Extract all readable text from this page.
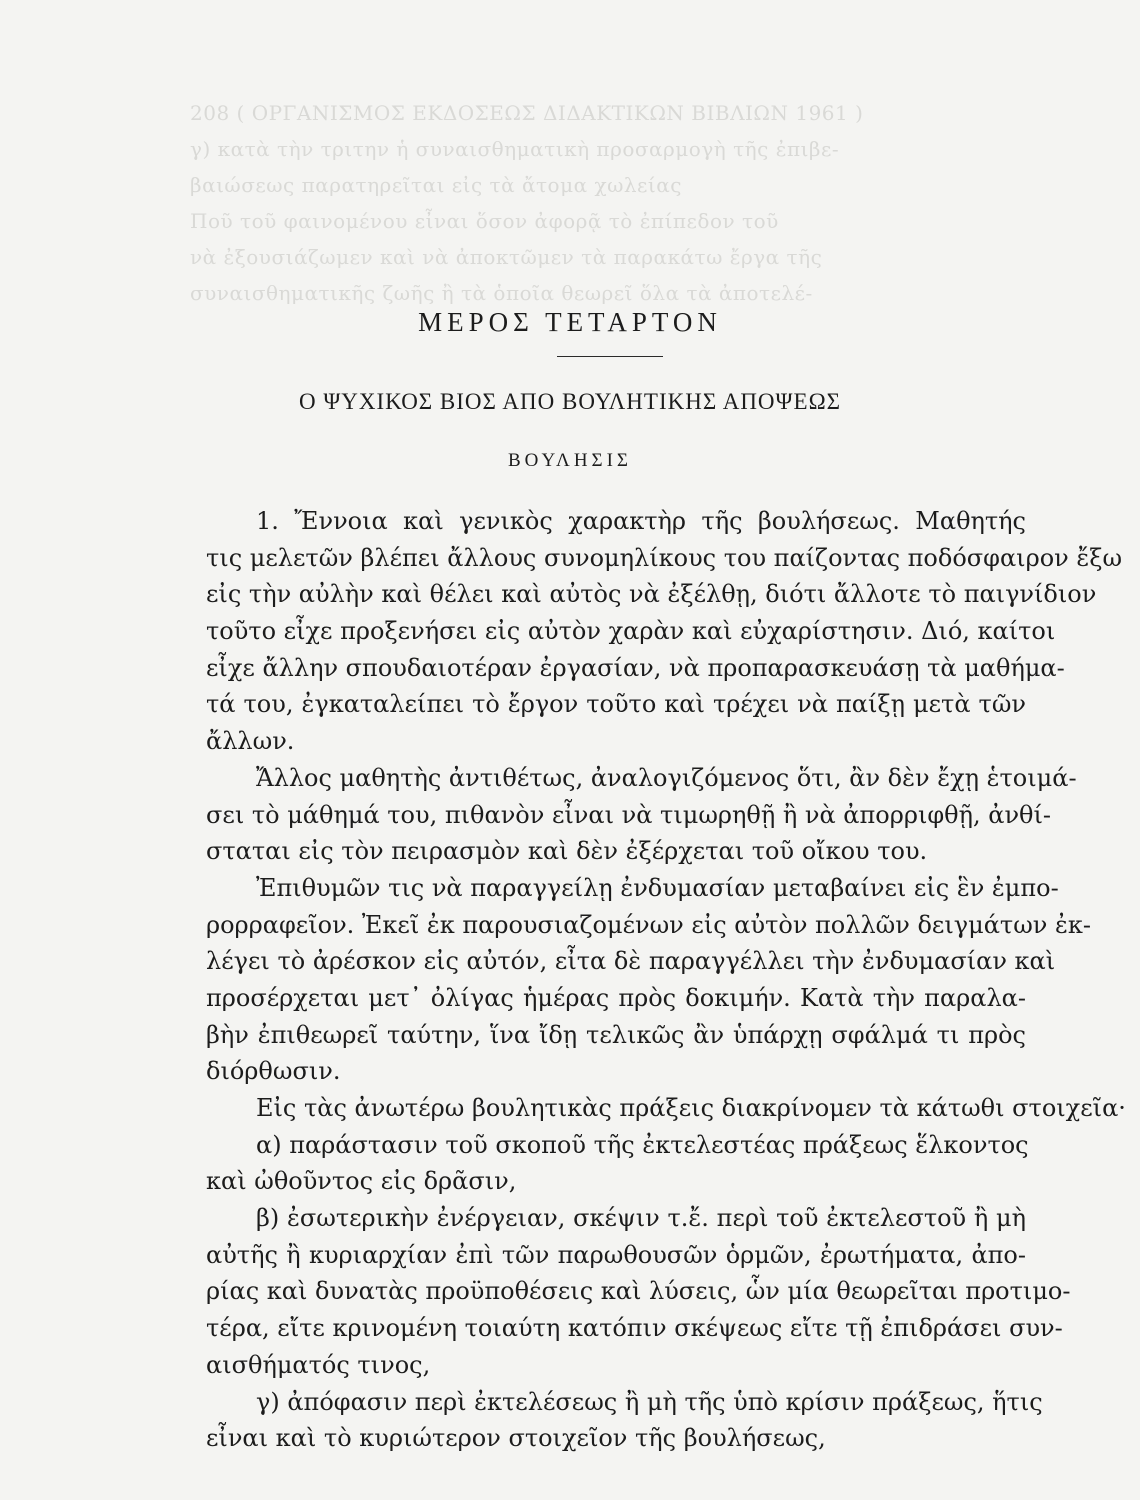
208 ( ΟΡΓΑΝΙΣΜΟΣ ΕΚΔΟΣΕΩΣ ΔΙΔΑΚΤΙΚΩΝ ΒΙΒΛΙΩΝ 1961 )
γ) κατὰ τὴν τριτην ἡ συναισθηματικὴ προσαρμογὴ τῆς ἐπιβε-
βαιώσεως παρατηρεῖται εἰς τὰ ἄτομα χωλείας
Ποῦ τοῦ φαινομένου εἶναι ὅσον ἀφορᾷ τὸ ἐπίπεδον τοῦ
νὰ ἐξουσιάζωμεν καὶ νὰ ἀποκτῶμεν τὰ παρακάτω ἔργα τῆς
συναισθηματικῆς ζωῆς ἢ τὰ ὁποῖα θεωρεῖ ὅλα τὰ ἀποτελέ-
ΜΕΡΟΣ ΤΕΤΑΡΤΟΝ
Ο ΨΥΧΙΚΟΣ ΒΙΟΣ ΑΠΟ ΒΟΥΛΗΤΙΚΗΣ ΑΠΟΨΕΩΣ
ΒΟΥΛΗΣΙΣ
1. Ἔννοια καὶ γενικὸς χαρακτὴρ τῆς βουλήσεως. Μαθητής
τις μελετῶν βλέπει ἄλλους συνομηλίκους του παίζοντας ποδόσφαιρον ἔξω
εἰς τὴν αὐλὴν καὶ θέλει καὶ αὐτὸς νὰ ἐξέλθῃ, διότι ἄλλοτε τὸ παιγνίδιον
τοῦτο εἶχε προξενήσει εἰς αὐτὸν χαρὰν καὶ εὐχαρίστησιν. Διό, καίτοι
εἶχε ἄλλην σπουδαιοτέραν ἐργασίαν, νὰ προπαρασκευάσῃ τὰ μαθήμα-
τά του, ἐγκαταλείπει τὸ ἔργον τοῦτο καὶ τρέχει νὰ παίξῃ μετὰ τῶν
ἄλλων.
Ἄλλος μαθητὴς ἀντιθέτως, ἀναλογιζόμενος ὅτι, ἂν δὲν ἔχῃ ἑτοιμά-
σει τὸ μάθημά του, πιθανὸν εἶναι νὰ τιμωρηθῇ ἢ νὰ ἀπορριφθῇ, ἀνθί-
σταται εἰς τὸν πειρασμὸν καὶ δὲν ἐξέρχεται τοῦ οἴκου του.
Ἐπιθυμῶν τις νὰ παραγγείλῃ ἐνδυμασίαν μεταβαίνει εἰς ἓν ἐμπο-
ρορραφεῖον. Ἐκεῖ ἐκ παρουσιαζομένων εἰς αὐτὸν πολλῶν δειγμάτων ἐκ-
λέγει τὸ ἀρέσκον εἰς αὐτόν, εἶτα δὲ παραγγέλλει τὴν ἐνδυμασίαν καὶ
προσέρχεται μετ᾽ ὀλίγας ἡμέρας πρὸς δοκιμήν. Κατὰ τὴν παραλα-
βὴν ἐπιθεωρεῖ ταύτην, ἵνα ἴδῃ τελικῶς ἂν ὑπάρχῃ σφάλμά τι πρὸς
διόρθωσιν.
Εἰς τὰς ἀνωτέρω βουλητικὰς πράξεις διακρίνομεν τὰ κάτωθι στοιχεῖα·
α) παράστασιν τοῦ σκοποῦ τῆς ἐκτελεστέας πράξεως ἕλκοντος
καὶ ὠθοῦντος εἰς δρᾶσιν,
β) ἐσωτερικὴν ἐνέργειαν, σκέψιν τ.ἔ. περὶ τοῦ ἐκτελεστοῦ ἢ μὴ
αὐτῆς ἢ κυριαρχίαν ἐπὶ τῶν παρωθουσῶν ὁρμῶν, ἐρωτήματα, ἀπο-
ρίας καὶ δυνατὰς προϋποθέσεις καὶ λύσεις, ὧν μία θεωρεῖται προτιμο-
τέρα, εἴτε κρινομένη τοιαύτη κατόπιν σκέψεως εἴτε τῇ ἐπιδράσει συν-
αισθήματός τινος,
γ) ἀπόφασιν περὶ ἐκτελέσεως ἢ μὴ τῆς ὑπὸ κρίσιν πράξεως, ἥτις
εἶναι καὶ τὸ κυριώτερον στοιχεῖον τῆς βουλήσεως,
